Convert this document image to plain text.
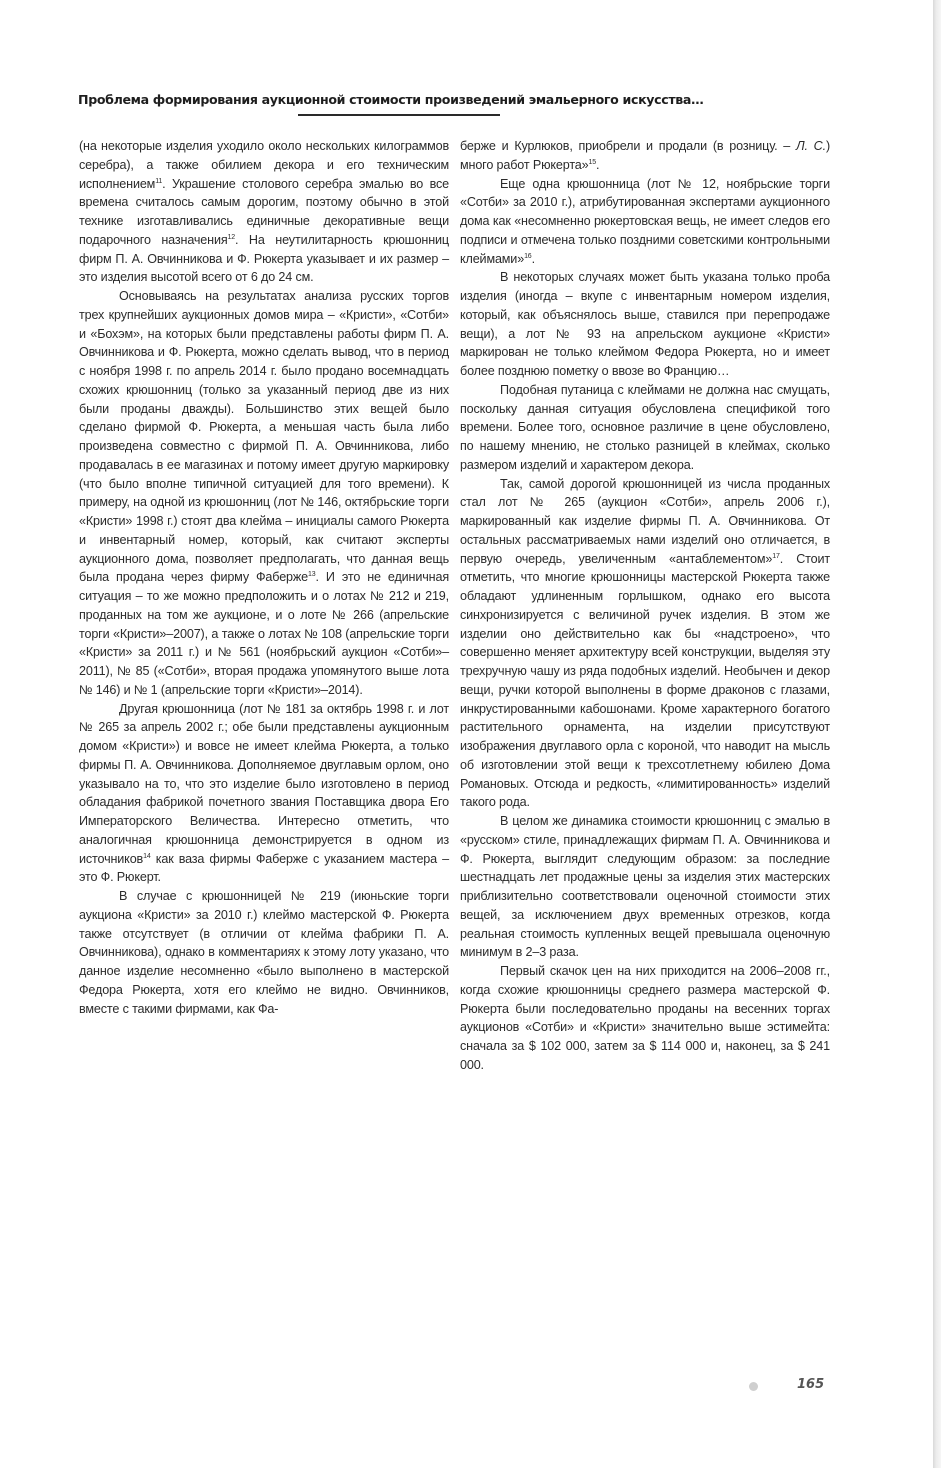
Проблема формирования аукционной стоимости произведений эмальерного искусства…

(на некоторые изделия уходило около нескольких килограммов серебра), а также обилием декора и его техническим исполнением$^{11}$. Украшение столового серебра эмалью во все времена считалось самым дорогим, поэтому обычно в этой технике изготавливались единичные декоративные вещи подарочного назначения$^{12}$. На неутилитарность крюшонниц фирм П. А. Овчинникова и Ф. Рюкерта указывает и их размер – это изделия высотой всего от 6 до 24 см.

Основываясь на результатах анализа русских торгов трех крупнейших аукционных домов мира – «Кристи», «Сотби» и «Бохэм», на которых были представлены работы фирм П. А. Овчинникова и Ф. Рюкерта, можно сделать вывод, что в период с ноября 1998 г. по апрель 2014 г. было продано восемнадцать схожих крюшонниц (только за указанный период две из них были проданы дважды). Большинство этих вещей было сделано фирмой Ф. Рюкерта, а меньшая часть была либо произведена совместно с фирмой П. А. Овчинникова, либо продавалась в ее магазинах и потому имеет другую маркировку (что было вполне типичной ситуацией для того времени). К примеру, на одной из крюшонниц (лот № 146, октябрьские торги «Кристи» 1998 г.) стоят два клейма – инициалы самого Рюкерта и инвентарный номер, который, как считают эксперты аукционного дома, позволяет предполагать, что данная вещь была продана через фирму Фаберже$^{13}$. И это не единичная ситуация – то же можно предположить и о лотах № 212 и 219, проданных на том же аукционе, и о лоте № 266 (апрельские торги «Кристи»–2007), а также о лотах № 108 (апрельские торги «Кристи» за 2011 г.) и № 561 (ноябрьский аукцион «Сотби»–2011), № 85 («Сотби», вторая продажа упомянутого выше лота № 146) и № 1 (апрельские торги «Кристи»–2014).

Другая крюшонница (лот № 181 за октябрь 1998 г. и лот № 265 за апрель 2002 г.; обе были представлены аукционным домом «Кристи») и вовсе не имеет клейма Рюкерта, а только фирмы П. А. Овчинникова. Дополняемое двуглавым орлом, оно указывало на то, что это изделие было изготовлено в период обладания фабрикой почетного звания Поставщика двора Его Императорского Величества. Интересно отметить, что аналогичная крюшонница демонстрируется в одном из источников$^{14}$ как ваза фирмы Фаберже с указанием мастера – это Ф. Рюкерт.

В случае с крюшонницей № 219 (июньские торги аукциона «Кристи» за 2010 г.) клеймо мастерской Ф. Рюкерта также отсутствует (в отличии от клейма фабрики П. А. Овчинникова), однако в комментариях к этому лоту указано, что данное изделие несомненно «было выполнено в мастерской Федора Рюкерта, хотя его клеймо не видно. Овчинников, вместе с такими фирмами, как Фа-

берже и Курлюков, приобрели и продали (в розницу. – Л. С.) много работ Рюкерта»$^{15}$.

Еще одна крюшонница (лот № 12, ноябрьские торги «Сотби» за 2010 г.), атрибутированная экспертами аукционного дома как «несомненно рюкертовская вещь, не имеет следов его подписи и отмечена только поздними советскими контрольными клеймами»$^{16}$.

В некоторых случаях может быть указана только проба изделия (иногда – вкупе с инвентарным номером изделия, который, как объяснялось выше, ставился при перепродаже вещи), а лот № 93 на апрельском аукционе «Кристи» маркирован не только клеймом Федора Рюкерта, но и имеет более позднюю пометку о ввозе во Францию…

Подобная путаница с клеймами не должна нас смущать, поскольку данная ситуация обусловлена спецификой того времени. Более того, основное различие в цене обусловлено, по нашему мнению, не столько разницей в клеймах, сколько размером изделий и характером декора.

Так, самой дорогой крюшонницей из числа проданных стал лот № 265 (аукцион «Сотби», апрель 2006 г.), маркированный как изделие фирмы П. А. Овчинникова. От остальных рассматриваемых нами изделий оно отличается, в первую очередь, увеличенным «антаблементом»$^{17}$. Стоит отметить, что многие крюшонницы мастерской Рюкерта также обладают удлиненным горлышком, однако его высота синхронизируется с величиной ручек изделия. В этом же изделии оно действительно как бы «надстроено», что совершенно меняет архитектуру всей конструкции, выделяя эту трехручную чашу из ряда подобных изделий. Необычен и декор вещи, ручки которой выполнены в форме драконов с глазами, инкрустированными кабошонами. Кроме характерного богатого растительного орнамента, на изделии присутствуют изображения двуглавого орла с короной, что наводит на мысль об изготовлении этой вещи к трехсотлетнему юбилею Дома Романовых. Отсюда и редкость, «лимитированность» изделий такого рода.

В целом же динамика стоимости крюшонниц с эмалью в «русском» стиле, принадлежащих фирмам П. А. Овчинникова и Ф. Рюкерта, выглядит следующим образом: за последние шестнадцать лет продажные цены за изделия этих мастерских приблизительно соответствовали оценочной стоимости этих вещей, за исключением двух временных отрезков, когда реальная стоимость купленных вещей превышала оценочную минимум в 2–3 раза.

Первый скачок цен на них приходится на 2006–2008 гг., когда схожие крюшонницы среднего размера мастерской Ф. Рюкерта были последовательно проданы на весенних торгах аукционов «Сотби» и «Кристи» значительно выше эстимейта: сначала за $ 102 000, затем за $ 114 000 и, наконец, за $ 241 000.

165
